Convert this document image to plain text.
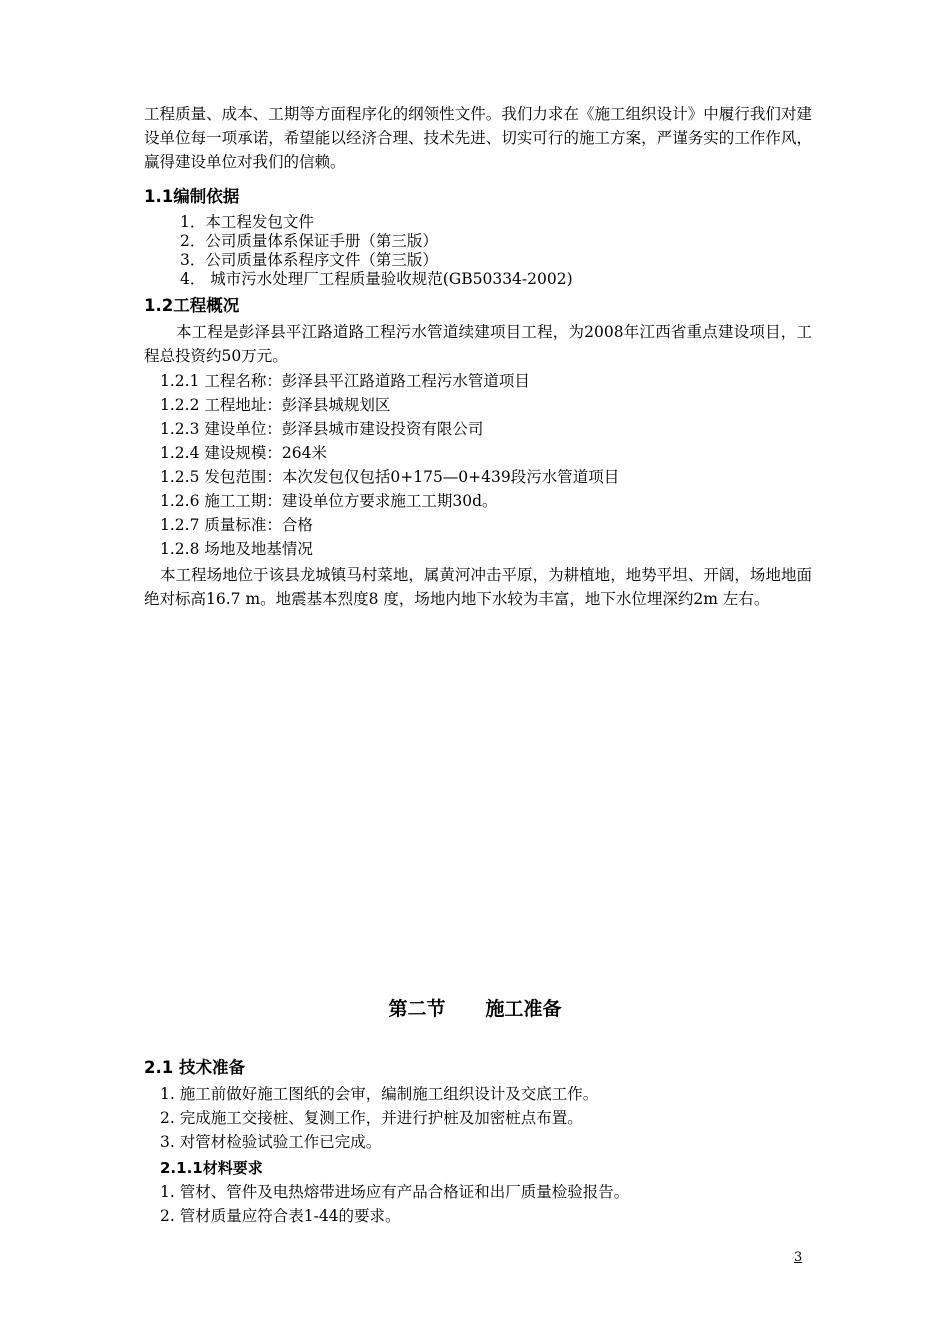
工程质量、成本、工期等方面程序化的纲领性文件。我们力求在《施工组织设计》中履行我们对建设单位每一项承诺，希望能以经济合理、技术先进、切实可行的施工方案，严谨务实的工作作风，赢得建设单位对我们的信赖。
1.1编制依据
1．本工程发包文件
2．公司质量体系保证手册（第三版）
3．公司质量体系程序文件（第三版）
4． 城市污水处理厂工程质量验收规范(GB50334-2002)
1.2工程概况
本工程是彭泽县平江路道路工程污水管道续建项目工程，为2008年江西省重点建设项目，工程总投资约50万元。
1.2.1 工程名称：彭泽县平江路道路工程污水管道项目
1.2.2 工程地址：彭泽县城规划区
1.2.3 建设单位：彭泽县城市建设投资有限公司
1.2.4 建设规模：264米
1.2.5 发包范围：本次发包仅包括0+175—0+439段污水管道项目
1.2.6 施工工期：建设单位方要求施工工期30d。
1.2.7 质量标准：合格
1.2.8 场地及地基情况
本工程场地位于该县龙城镇马村菜地，属黄河冲击平原，为耕植地，地势平坦、开阔，场地地面绝对标高16.7 m。地震基本烈度8 度，场地内地下水较为丰富，地下水位埋深约2m 左右。
第二节 施工准备
2.1 技术准备
1. 施工前做好施工图纸的会审，编制施工组织设计及交底工作。
2. 完成施工交接桩、复测工作，并进行护桩及加密桩点布置。
3. 对管材检验试验工作已完成。
2.1.1材料要求
1. 管材、管件及电热熔带进场应有产品合格证和出厂质量检验报告。
2. 管材质量应符合表1-44的要求。
3
